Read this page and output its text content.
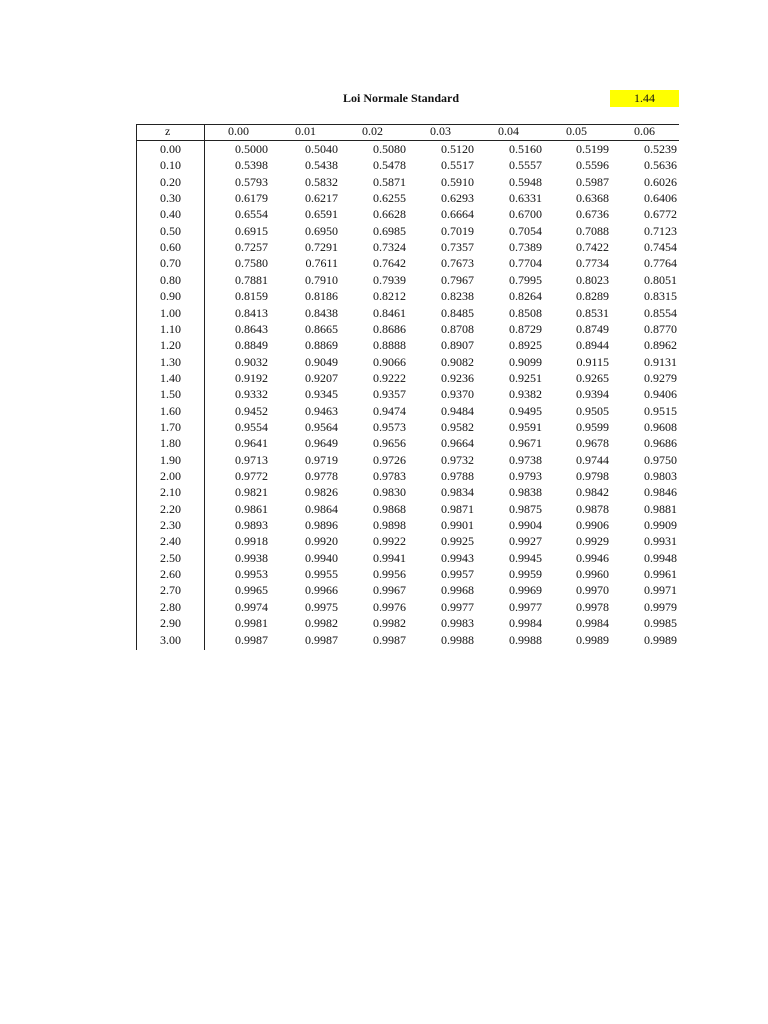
Loi Normale Standard	1.44
z	0.00	0.01	0.02	0.03	0.04	0.05	0.06
0.00	0.5000	0.5040	0.5080	0.5120	0.5160	0.5199	0.5239
0.10	0.5398	0.5438	0.5478	0.5517	0.5557	0.5596	0.5636
0.20	0.5793	0.5832	0.5871	0.5910	0.5948	0.5987	0.6026
0.30	0.6179	0.6217	0.6255	0.6293	0.6331	0.6368	0.6406
0.40	0.6554	0.6591	0.6628	0.6664	0.6700	0.6736	0.6772
0.50	0.6915	0.6950	0.6985	0.7019	0.7054	0.7088	0.7123
0.60	0.7257	0.7291	0.7324	0.7357	0.7389	0.7422	0.7454
0.70	0.7580	0.7611	0.7642	0.7673	0.7704	0.7734	0.7764
0.80	0.7881	0.7910	0.7939	0.7967	0.7995	0.8023	0.8051
0.90	0.8159	0.8186	0.8212	0.8238	0.8264	0.8289	0.8315
1.00	0.8413	0.8438	0.8461	0.8485	0.8508	0.8531	0.8554
1.10	0.8643	0.8665	0.8686	0.8708	0.8729	0.8749	0.8770
1.20	0.8849	0.8869	0.8888	0.8907	0.8925	0.8944	0.8962
1.30	0.9032	0.9049	0.9066	0.9082	0.9099	0.9115	0.9131
1.40	0.9192	0.9207	0.9222	0.9236	0.9251	0.9265	0.9279
1.50	0.9332	0.9345	0.9357	0.9370	0.9382	0.9394	0.9406
1.60	0.9452	0.9463	0.9474	0.9484	0.9495	0.9505	0.9515
1.70	0.9554	0.9564	0.9573	0.9582	0.9591	0.9599	0.9608
1.80	0.9641	0.9649	0.9656	0.9664	0.9671	0.9678	0.9686
1.90	0.9713	0.9719	0.9726	0.9732	0.9738	0.9744	0.9750
2.00	0.9772	0.9778	0.9783	0.9788	0.9793	0.9798	0.9803
2.10	0.9821	0.9826	0.9830	0.9834	0.9838	0.9842	0.9846
2.20	0.9861	0.9864	0.9868	0.9871	0.9875	0.9878	0.9881
2.30	0.9893	0.9896	0.9898	0.9901	0.9904	0.9906	0.9909
2.40	0.9918	0.9920	0.9922	0.9925	0.9927	0.9929	0.9931
2.50	0.9938	0.9940	0.9941	0.9943	0.9945	0.9946	0.9948
2.60	0.9953	0.9955	0.9956	0.9957	0.9959	0.9960	0.9961
2.70	0.9965	0.9966	0.9967	0.9968	0.9969	0.9970	0.9971
2.80	0.9974	0.9975	0.9976	0.9977	0.9977	0.9978	0.9979
2.90	0.9981	0.9982	0.9982	0.9983	0.9984	0.9984	0.9985
3.00	0.9987	0.9987	0.9987	0.9988	0.9988	0.9989	0.9989
